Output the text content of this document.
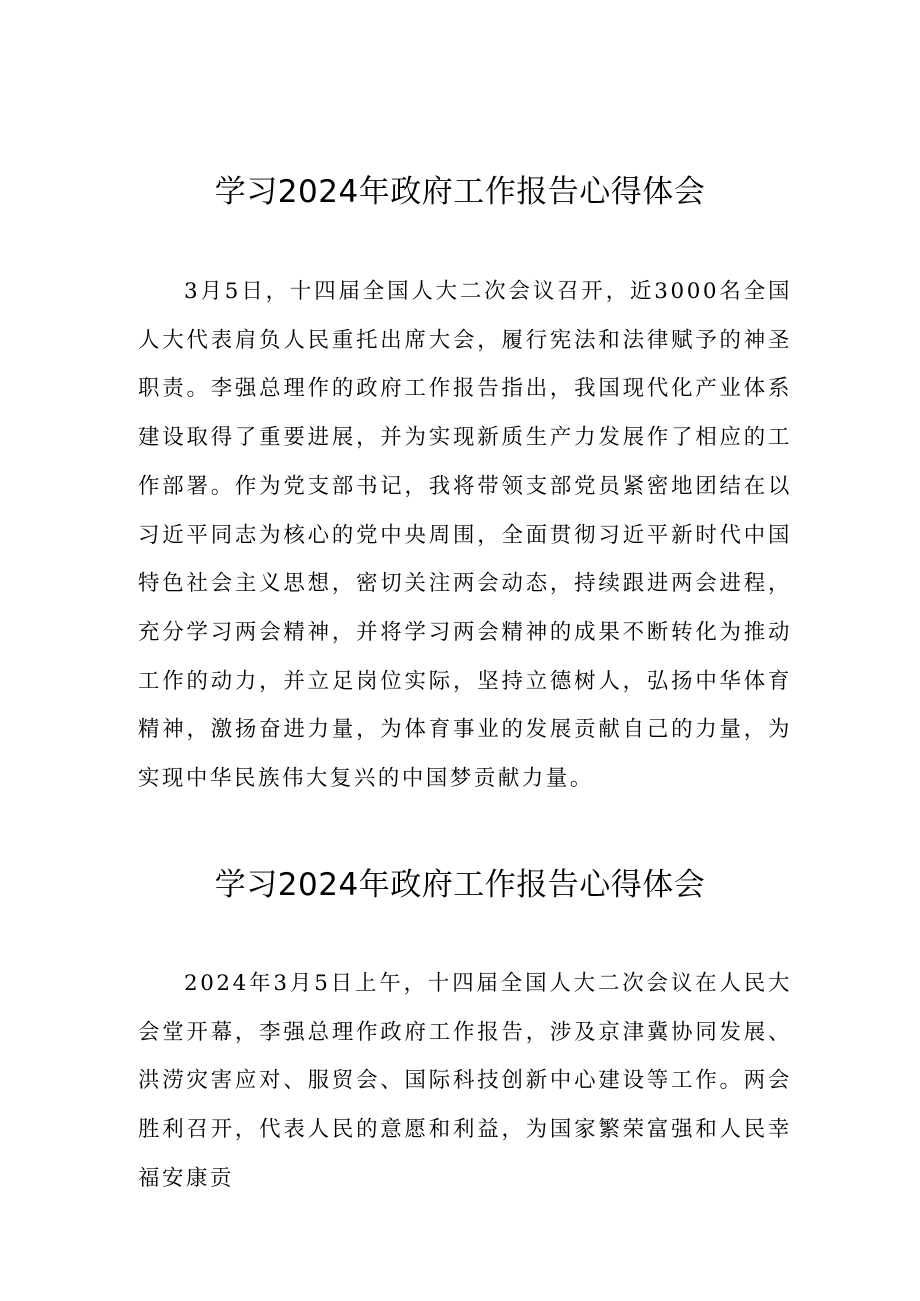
学习2024年政府工作报告心得体会

3月5日，十四届全国人大二次会议召开，近3000名全国人大代表肩负人民重托出席大会，履行宪法和法律赋予的神圣职责。李强总理作的政府工作报告指出，我国现代化产业体系建设取得了重要进展，并为实现新质生产力发展作了相应的工作部署。作为党支部书记，我将带领支部党员紧密地团结在以习近平同志为核心的党中央周围，全面贯彻习近平新时代中国特色社会主义思想，密切关注两会动态，持续跟进两会进程，充分学习两会精神，并将学习两会精神的成果不断转化为推动工作的动力，并立足岗位实际，坚持立德树人，弘扬中华体育精神，激扬奋进力量，为体育事业的发展贡献自己的力量，为实现中华民族伟大复兴的中国梦贡献力量。

学习2024年政府工作报告心得体会

2024年3月5日上午，十四届全国人大二次会议在人民大会堂开幕，李强总理作政府工作报告，涉及京津冀协同发展、洪涝灾害应对、服贸会、国际科技创新中心建设等工作。两会胜利召开，代表人民的意愿和利益，为国家繁荣富强和人民幸福安康贡
